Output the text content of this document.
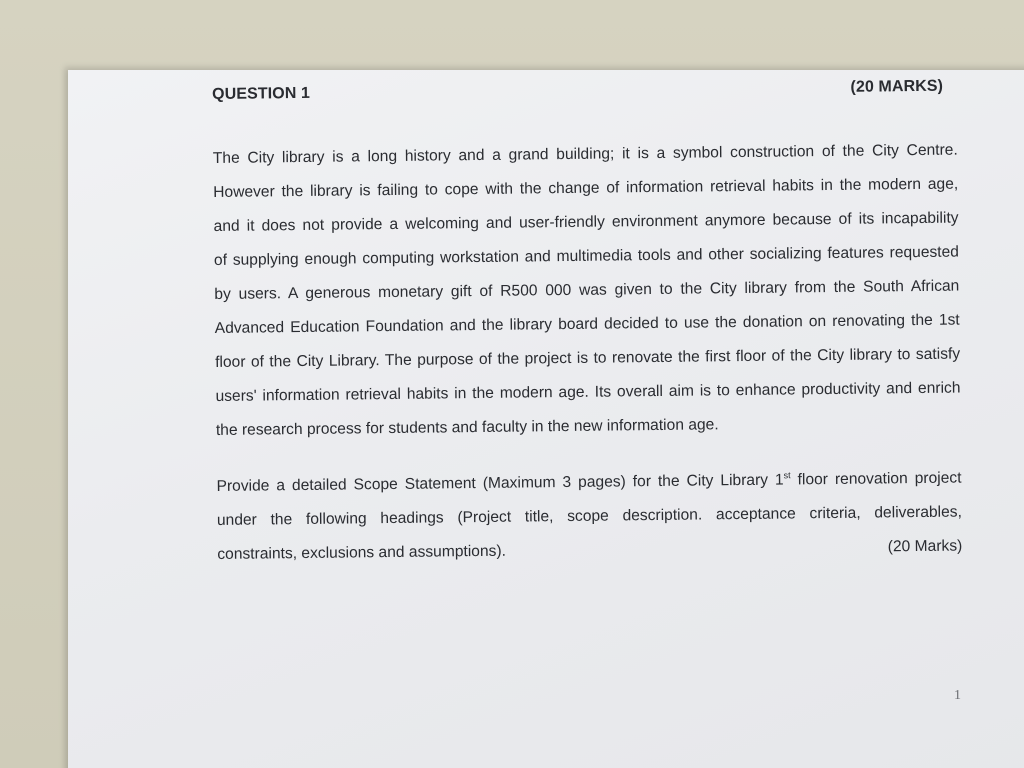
QUESTION 1	(20 MARKS)
The City library is a long history and a grand building; it is a symbol construction of the City Centre.
However the library is failing to cope with the change of information retrieval habits in the modern age,
and it does not provide a welcoming and user-friendly environment anymore because of its incapability
of supplying enough computing workstation and multimedia tools and other socializing features requested
by users. A generous monetary gift of R500 000 was given to the City library from the South African
Advanced Education Foundation and the library board decided to use the donation on renovating the 1st
floor of the City Library. The purpose of the project is to renovate the first floor of the City library to satisfy
users' information retrieval habits in the modern age. Its overall aim is to enhance productivity and enrich
the research process for students and faculty in the new information age.
Provide a detailed Scope Statement (Maximum 3 pages) for the City Library 1st floor renovation project
under the following headings (Project title, scope description. acceptance criteria, deliverables,
constraints, exclusions and assumptions).	(20 Marks)
1
